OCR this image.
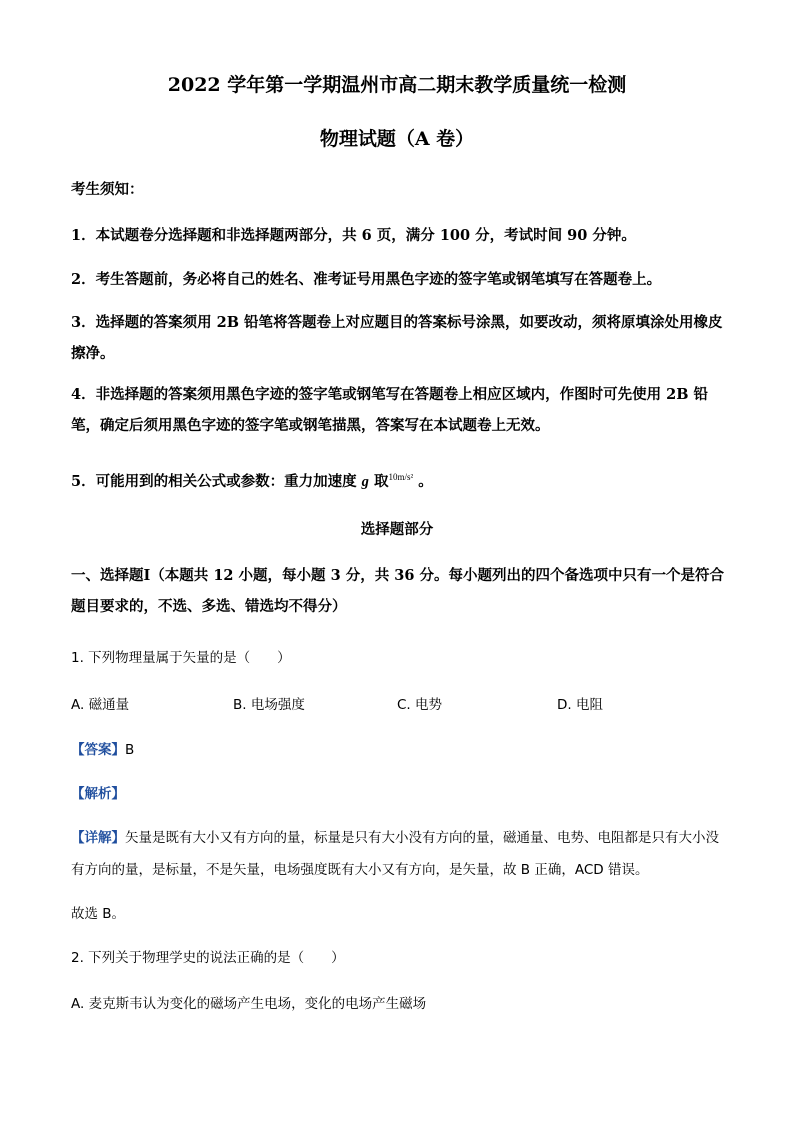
2022 学年第一学期温州市高二期末教学质量统一检测
物理试题（A 卷）
考生须知：
1．本试题卷分选择题和非选择题两部分，共 6 页，满分 100 分，考试时间 90 分钟。
2．考生答题前，务必将自己的姓名、准考证号用黑色字迹的签字笔或钢笔填写在答题卷上。
3．选择题的答案须用 2B 铅笔将答题卷上对应题目的答案标号涂黑，如要改动，须将原填涂处用橡皮擦净。
4．非选择题的答案须用黑色字迹的签字笔或钢笔写在答题卷上相应区域内，作图时可先使用 2B 铅笔，确定后须用黑色字迹的签字笔或钢笔描黑，答案写在本试题卷上无效。
5．可能用到的相关公式或参数：重力加速度 g 取$^{10m/s^2}$ 。
选择题部分
一、选择题Ⅰ（本题共 12 小题，每小题 3 分，共 36 分。每小题列出的四个备选项中只有一个是符合题目要求的，不选、多选、错选均不得分）
1. 下列物理量属于矢量的是（　　）
A. 磁通量	B. 电场强度	C. 电势	D. 电阻
【答案】B
【解析】
【详解】矢量是既有大小又有方向的量，标量是只有大小没有方向的量，磁通量、电势、电阻都是只有大小没有方向的量，是标量，不是矢量，电场强度既有大小又有方向，是矢量，故 B 正确，ACD 错误。
故选 B。
2. 下列关于物理学史的说法正确的是（　　）
A. 麦克斯韦认为变化的磁场产生电场，变化的电场产生磁场
